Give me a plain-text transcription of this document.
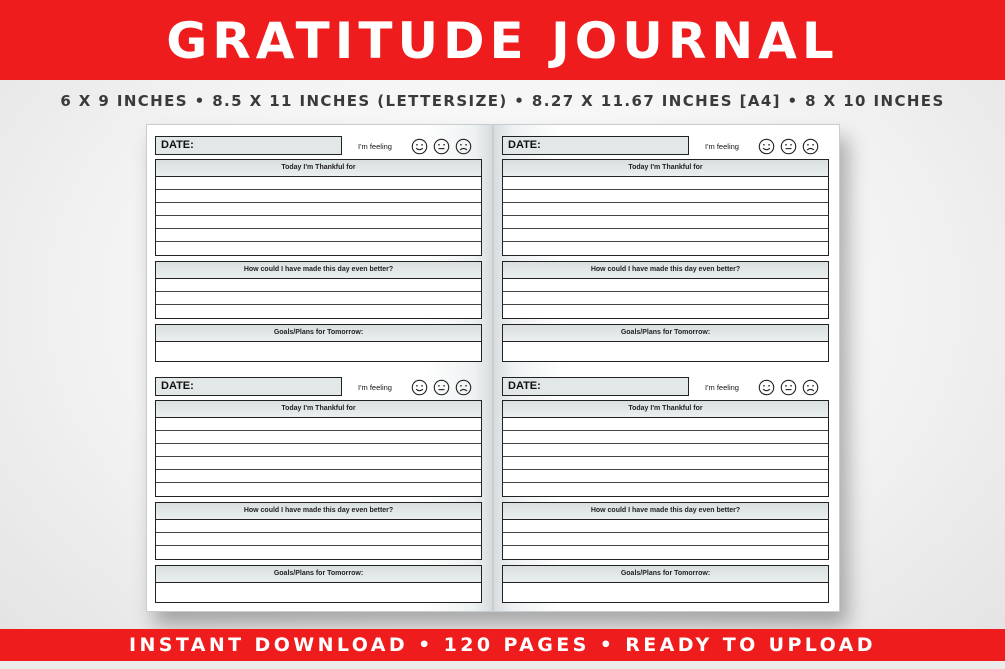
GRATITUDE JOURNAL
6 X 9 INCHES • 8.5 X 11 INCHES (LETTERSIZE) • 8.27 X 11.67 INCHES [A4] • 8 X 10 INCHES
DATE:	I'm feeling
Today I'm Thankful for
How could I have made this day even better?
Goals/Plans for Tomorrow:
DATE:	I'm feeling
Today I'm Thankful for
How could I have made this day even better?
Goals/Plans for Tomorrow:
DATE:	I'm feeling
Today I'm Thankful for
How could I have made this day even better?
Goals/Plans for Tomorrow:
DATE:	I'm feeling
Today I'm Thankful for
How could I have made this day even better?
Goals/Plans for Tomorrow:
INSTANT DOWNLOAD • 120 PAGES • READY TO UPLOAD
